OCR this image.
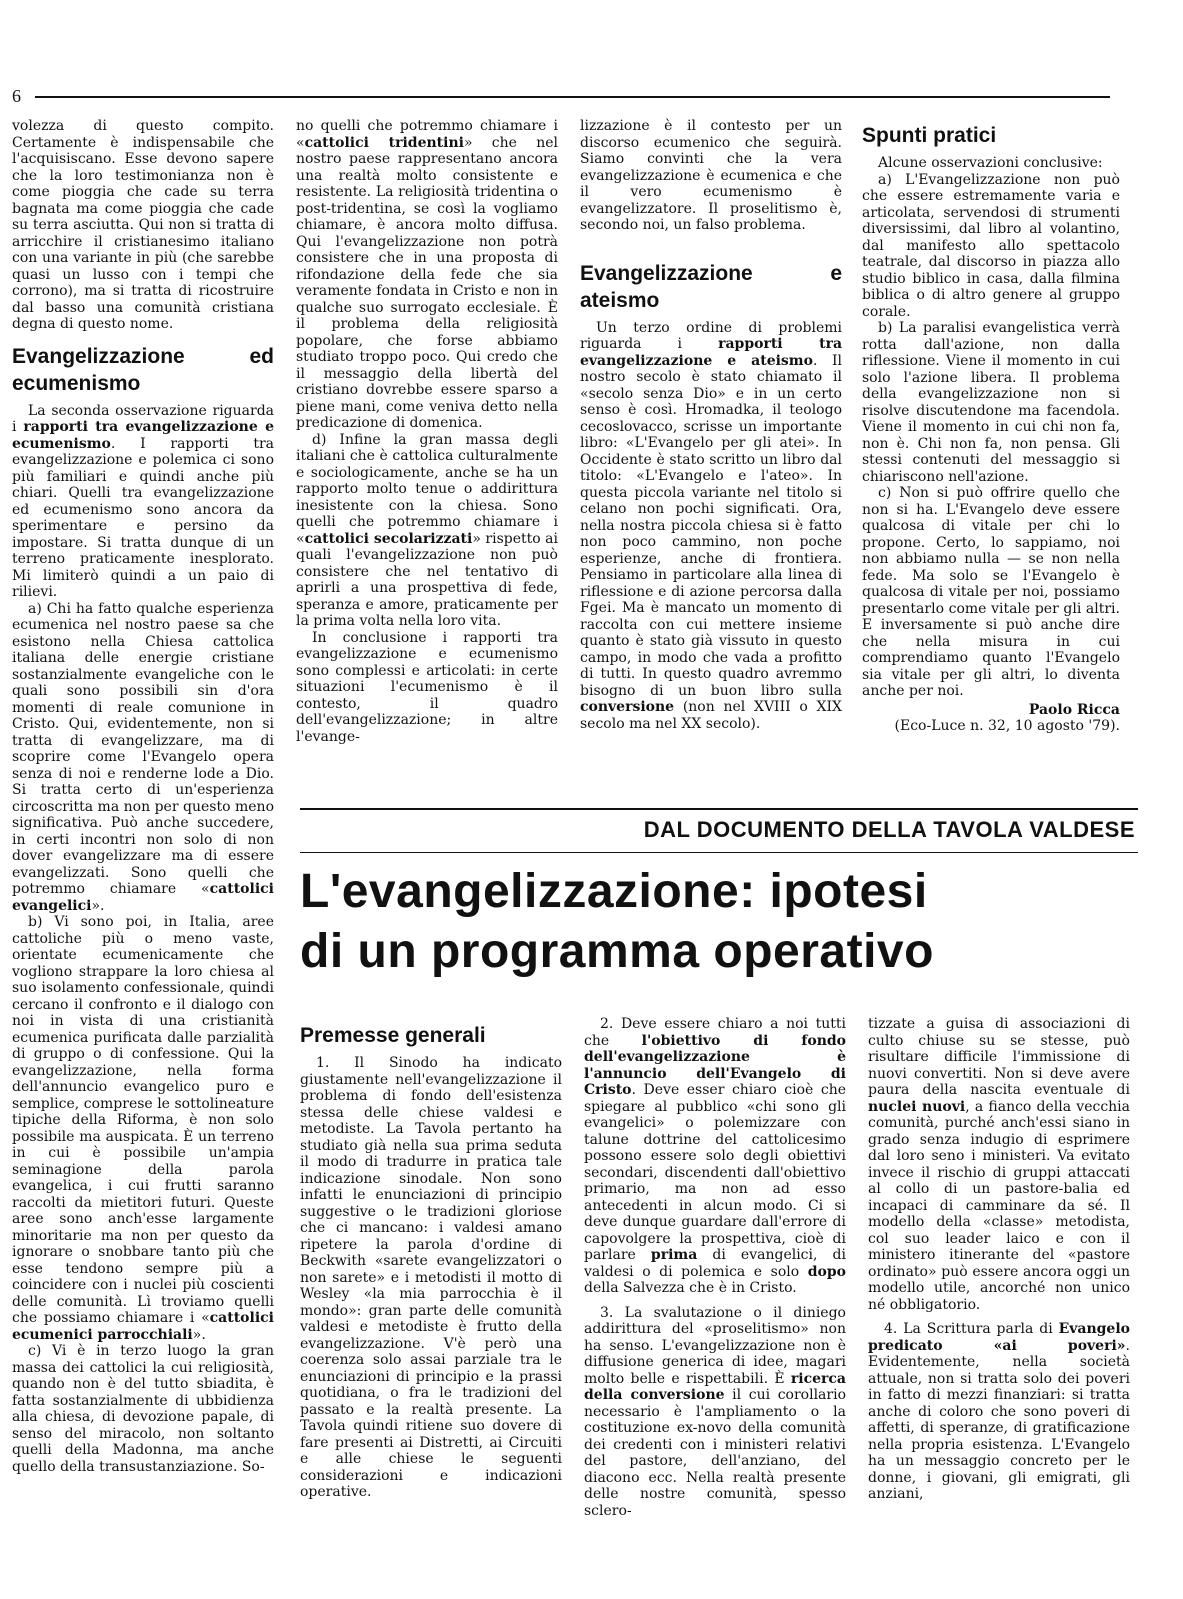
6

volezza di questo compito. Certamente è indispensabile che l'acquisiscano. Esse devono sapere che la loro testimonianza non è come pioggia che cade su terra bagnata ma come pioggia che cade su terra asciutta. Qui non si tratta di arricchire il cristianesimo italiano con una variante in più (che sarebbe quasi un lusso con i tempi che corrono), ma si tratta di ricostruire dal basso una comunità cristiana degna di questo nome.

Evangelizzazione ed ecumenismo

La seconda osservazione riguarda i rapporti tra evangelizzazione e ecumenismo. I rapporti tra evangelizzazione e polemica ci sono più familiari e quindi anche più chiari. Quelli tra evangelizzazione ed ecumenismo sono ancora da sperimentare e persino da impostare. Si tratta dunque di un terreno praticamente inesplorato. Mi limiterò quindi a un paio di rilievi.

a) Chi ha fatto qualche esperienza ecumenica nel nostro paese sa che esistono nella Chiesa cattolica italiana delle energie cristiane sostanzialmente evangeliche con le quali sono possibili sin d'ora momenti di reale comunione in Cristo. Qui, evidentemente, non si tratta di evangelizzare, ma di scoprire come l'Evangelo opera senza di noi e renderne lode a Dio. Si tratta certo di un'esperienza circoscritta ma non per questo meno significativa. Può anche succedere, in certi incontri non solo di non dover evangelizzare ma di essere evangelizzati. Sono quelli che potremmo chiamare «cattolici evangelici».

b) Vi sono poi, in Italia, aree cattoliche più o meno vaste, orientate ecumenicamente che vogliono strappare la loro chiesa al suo isolamento confessionale, quindi cercano il confronto e il dialogo con noi in vista di una cristianità ecumenica purificata dalle parzialità di gruppo o di confessione. Qui la evangelizzazione, nella forma dell'annuncio evangelico puro e semplice, comprese le sottolineature tipiche della Riforma, è non solo possibile ma auspicata. È un terreno in cui è possibile un'ampia seminagione della parola evangelica, i cui frutti saranno raccolti da mietitori futuri. Queste aree sono anch'esse largamente minoritarie ma non per questo da ignorare o snobbare tanto più che esse tendono sempre più a coincidere con i nuclei più coscienti delle comunità. Lì troviamo quelli che possiamo chiamare i «cattolici ecumenici parrocchiali».

c) Vi è in terzo luogo la gran massa dei cattolici la cui religiosità, quando non è del tutto sbiadita, è fatta sostanzialmente di ubbidienza alla chiesa, di devozione papale, di senso del miracolo, non soltanto quelli della Madonna, ma anche quello della transustanziazione. So-

no quelli che potremmo chiamare i «cattolici tridentini» che nel nostro paese rappresentano ancora una realtà molto consistente e resistente. La religiosità tridentina o post-tridentina, se così la vogliamo chiamare, è ancora molto diffusa. Qui l'evangelizzazione non potrà consistere che in una proposta di rifondazione della fede che sia veramente fondata in Cristo e non in qualche suo surrogato ecclesiale. È il problema della religiosità popolare, che forse abbiamo studiato troppo poco. Qui credo che il messaggio della libertà del cristiano dovrebbe essere sparso a piene mani, come veniva detto nella predicazione di domenica.

d) Infine la gran massa degli italiani che è cattolica culturalmente e sociologicamente, anche se ha un rapporto molto tenue o addirittura inesistente con la chiesa. Sono quelli che potremmo chiamare i «cattolici secolarizzati» rispetto ai quali l'evangelizzazione non può consistere che nel tentativo di aprirli a una prospettiva di fede, speranza e amore, praticamente per la prima volta nella loro vita.

In conclusione i rapporti tra evangelizzazione e ecumenismo sono complessi e articolati: in certe situazioni l'ecumenismo è il contesto, il quadro dell'evangelizzazione; in altre l'evange-

lizzazione è il contesto per un discorso ecumenico che seguirà. Siamo convinti che la vera evangelizzazione è ecumenica e che il vero ecumenismo è evangelizzatore. Il proselitismo è, secondo noi, un falso problema.

Evangelizzazione e ateismo

Un terzo ordine di problemi riguarda i rapporti tra evangelizzazione e ateismo. Il nostro secolo è stato chiamato il «secolo senza Dio» e in un certo senso è così. Hromadka, il teologo cecoslovacco, scrisse un importante libro: «L'Evangelo per gli atei». In Occidente è stato scritto un libro dal titolo: «L'Evangelo e l'ateo». In questa piccola variante nel titolo si celano non pochi significati. Ora, nella nostra piccola chiesa si è fatto non poco cammino, non poche esperienze, anche di frontiera. Pensiamo in particolare alla linea di riflessione e di azione percorsa dalla Fgei. Ma è mancato un momento di raccolta con cui mettere insieme quanto è stato già vissuto in questo campo, in modo che vada a profitto di tutti. In questo quadro avremmo bisogno di un buon libro sulla conversione (non nel XVIII o XIX secolo ma nel XX secolo).

Spunti pratici

Alcune osservazioni conclusive:

a) L'Evangelizzazione non può che essere estremamente varia e articolata, servendosi di strumenti diversissimi, dal libro al volantino, dal manifesto allo spettacolo teatrale, dal discorso in piazza allo studio biblico in casa, dalla filmina biblica o di altro genere al gruppo corale.

b) La paralisi evangelistica verrà rotta dall'azione, non dalla riflessione. Viene il momento in cui solo l'azione libera. Il problema della evangelizzazione non si risolve discutendone ma facendola. Viene il momento in cui chi non fa, non è. Chi non fa, non pensa. Gli stessi contenuti del messaggio si chiariscono nell'azione.

c) Non si può offrire quello che non si ha. L'Evangelo deve essere qualcosa di vitale per chi lo propone. Certo, lo sappiamo, noi non abbiamo nulla — se non nella fede. Ma solo se l'Evangelo è qualcosa di vitale per noi, possiamo presentarlo come vitale per gli altri. E inversamente si può anche dire che nella misura in cui comprendiamo quanto l'Evangelo sia vitale per gli altri, lo diventa anche per noi.

Paolo Ricca
(Eco-Luce n. 32, 10 agosto '79).
DAL DOCUMENTO DELLA TAVOLA VALDESE
L'evangelizzazione: ipotesi
di un programma operativo
Premesse generali

1. Il Sinodo ha indicato giustamente nell'evangelizzazione il problema di fondo dell'esistenza stessa delle chiese valdesi e metodiste. La Tavola pertanto ha studiato già nella sua prima seduta il modo di tradurre in pratica tale indicazione sinodale. Non sono infatti le enunciazioni di principio suggestive o le tradizioni gloriose che ci mancano: i valdesi amano ripetere la parola d'ordine di Beckwith «sarete evangelizzatori o non sarete» e i metodisti il motto di Wesley «la mia parrocchia è il mondo»: gran parte delle comunità valdesi e metodiste è frutto della evangelizzazione. V'è però una coerenza solo assai parziale tra le enunciazioni di principio e la prassi quotidiana, o fra le tradizioni del passato e la realtà presente. La Tavola quindi ritiene suo dovere di fare presenti ai Distretti, ai Circuiti e alle chiese le seguenti considerazioni e indicazioni operative.

2. Deve essere chiaro a noi tutti che l'obiettivo di fondo dell'evangelizzazione è l'annuncio dell'Evangelo di Cristo. Deve esser chiaro cioè che spiegare al pubblico «chi sono gli evangelici» o polemizzare con talune dottrine del cattolicesimo possono essere solo degli obiettivi secondari, discendenti dall'obiettivo primario, ma non ad esso antecedenti in alcun modo. Ci si deve dunque guardare dall'errore di capovolgere la prospettiva, cioè di parlare prima di evangelici, di valdesi o di polemica e solo dopo della Salvezza che è in Cristo.

3. La svalutazione o il diniego addirittura del «proselitismo» non ha senso. L'evangelizzazione non è diffusione generica di idee, magari molto belle e rispettabili. È ricerca della conversione il cui corollario necessario è l'ampliamento o la costituzione ex-novo della comunità dei credenti con i ministeri relativi del pastore, dell'anziano, del diacono ecc. Nella realtà presente delle nostre comunità, spesso sclero-

tizzate a guisa di associazioni di culto chiuse su se stesse, può risultare difficile l'immissione di nuovi convertiti. Non si deve avere paura della nascita eventuale di nuclei nuovi, a fianco della vecchia comunità, purché anch'essi siano in grado senza indugio di esprimere dal loro seno i ministeri. Va evitato invece il rischio di gruppi attaccati al collo di un pastore-balia ed incapaci di camminare da sé. Il modello della «classe» metodista, col suo leader laico e con il ministero itinerante del «pastore ordinato» può essere ancora oggi un modello utile, ancorché non unico né obbligatorio.

4. La Scrittura parla di Evangelo predicato «ai poveri». Evidentemente, nella società attuale, non si tratta solo dei poveri in fatto di mezzi finanziari: si tratta anche di coloro che sono poveri di affetti, di speranze, di gratificazione nella propria esistenza. L'Evangelo ha un messaggio concreto per le donne, i giovani, gli emigrati, gli anziani,
